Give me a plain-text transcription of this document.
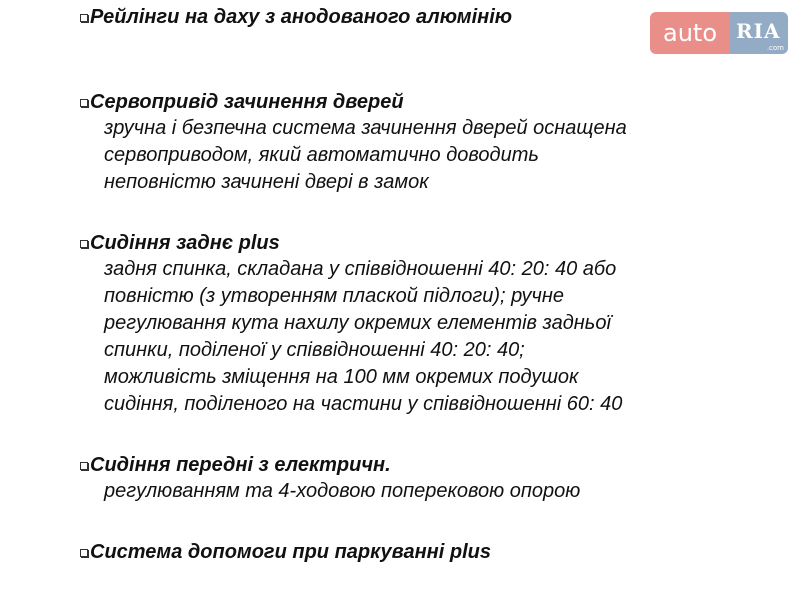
auto RIA
.com
Рейлінги на даху з анодованого алюмінію
Сервопривід зачинення дверей
зручна і безпечна система зачинення дверей оснащена
сервоприводом, який автоматично доводить
неповністю зачинені двері в замок
Сидіння заднє plus
задня спинка, складана у співвідношенні 40: 20: 40 або
повністю (з утворенням плаской підлоги); ручне
регулювання кута нахилу окремих елементів задньої
спинки, поділеної у співвідношенні 40: 20: 40;
можливість зміщення на 100 мм окремих подушок
сидіння, поділеного на частини у співвідношенні 60: 40
Сидіння передні з електричн.
регулюванням та 4-ходовою поперековою опорою
Система допомоги при паркуванні plus
